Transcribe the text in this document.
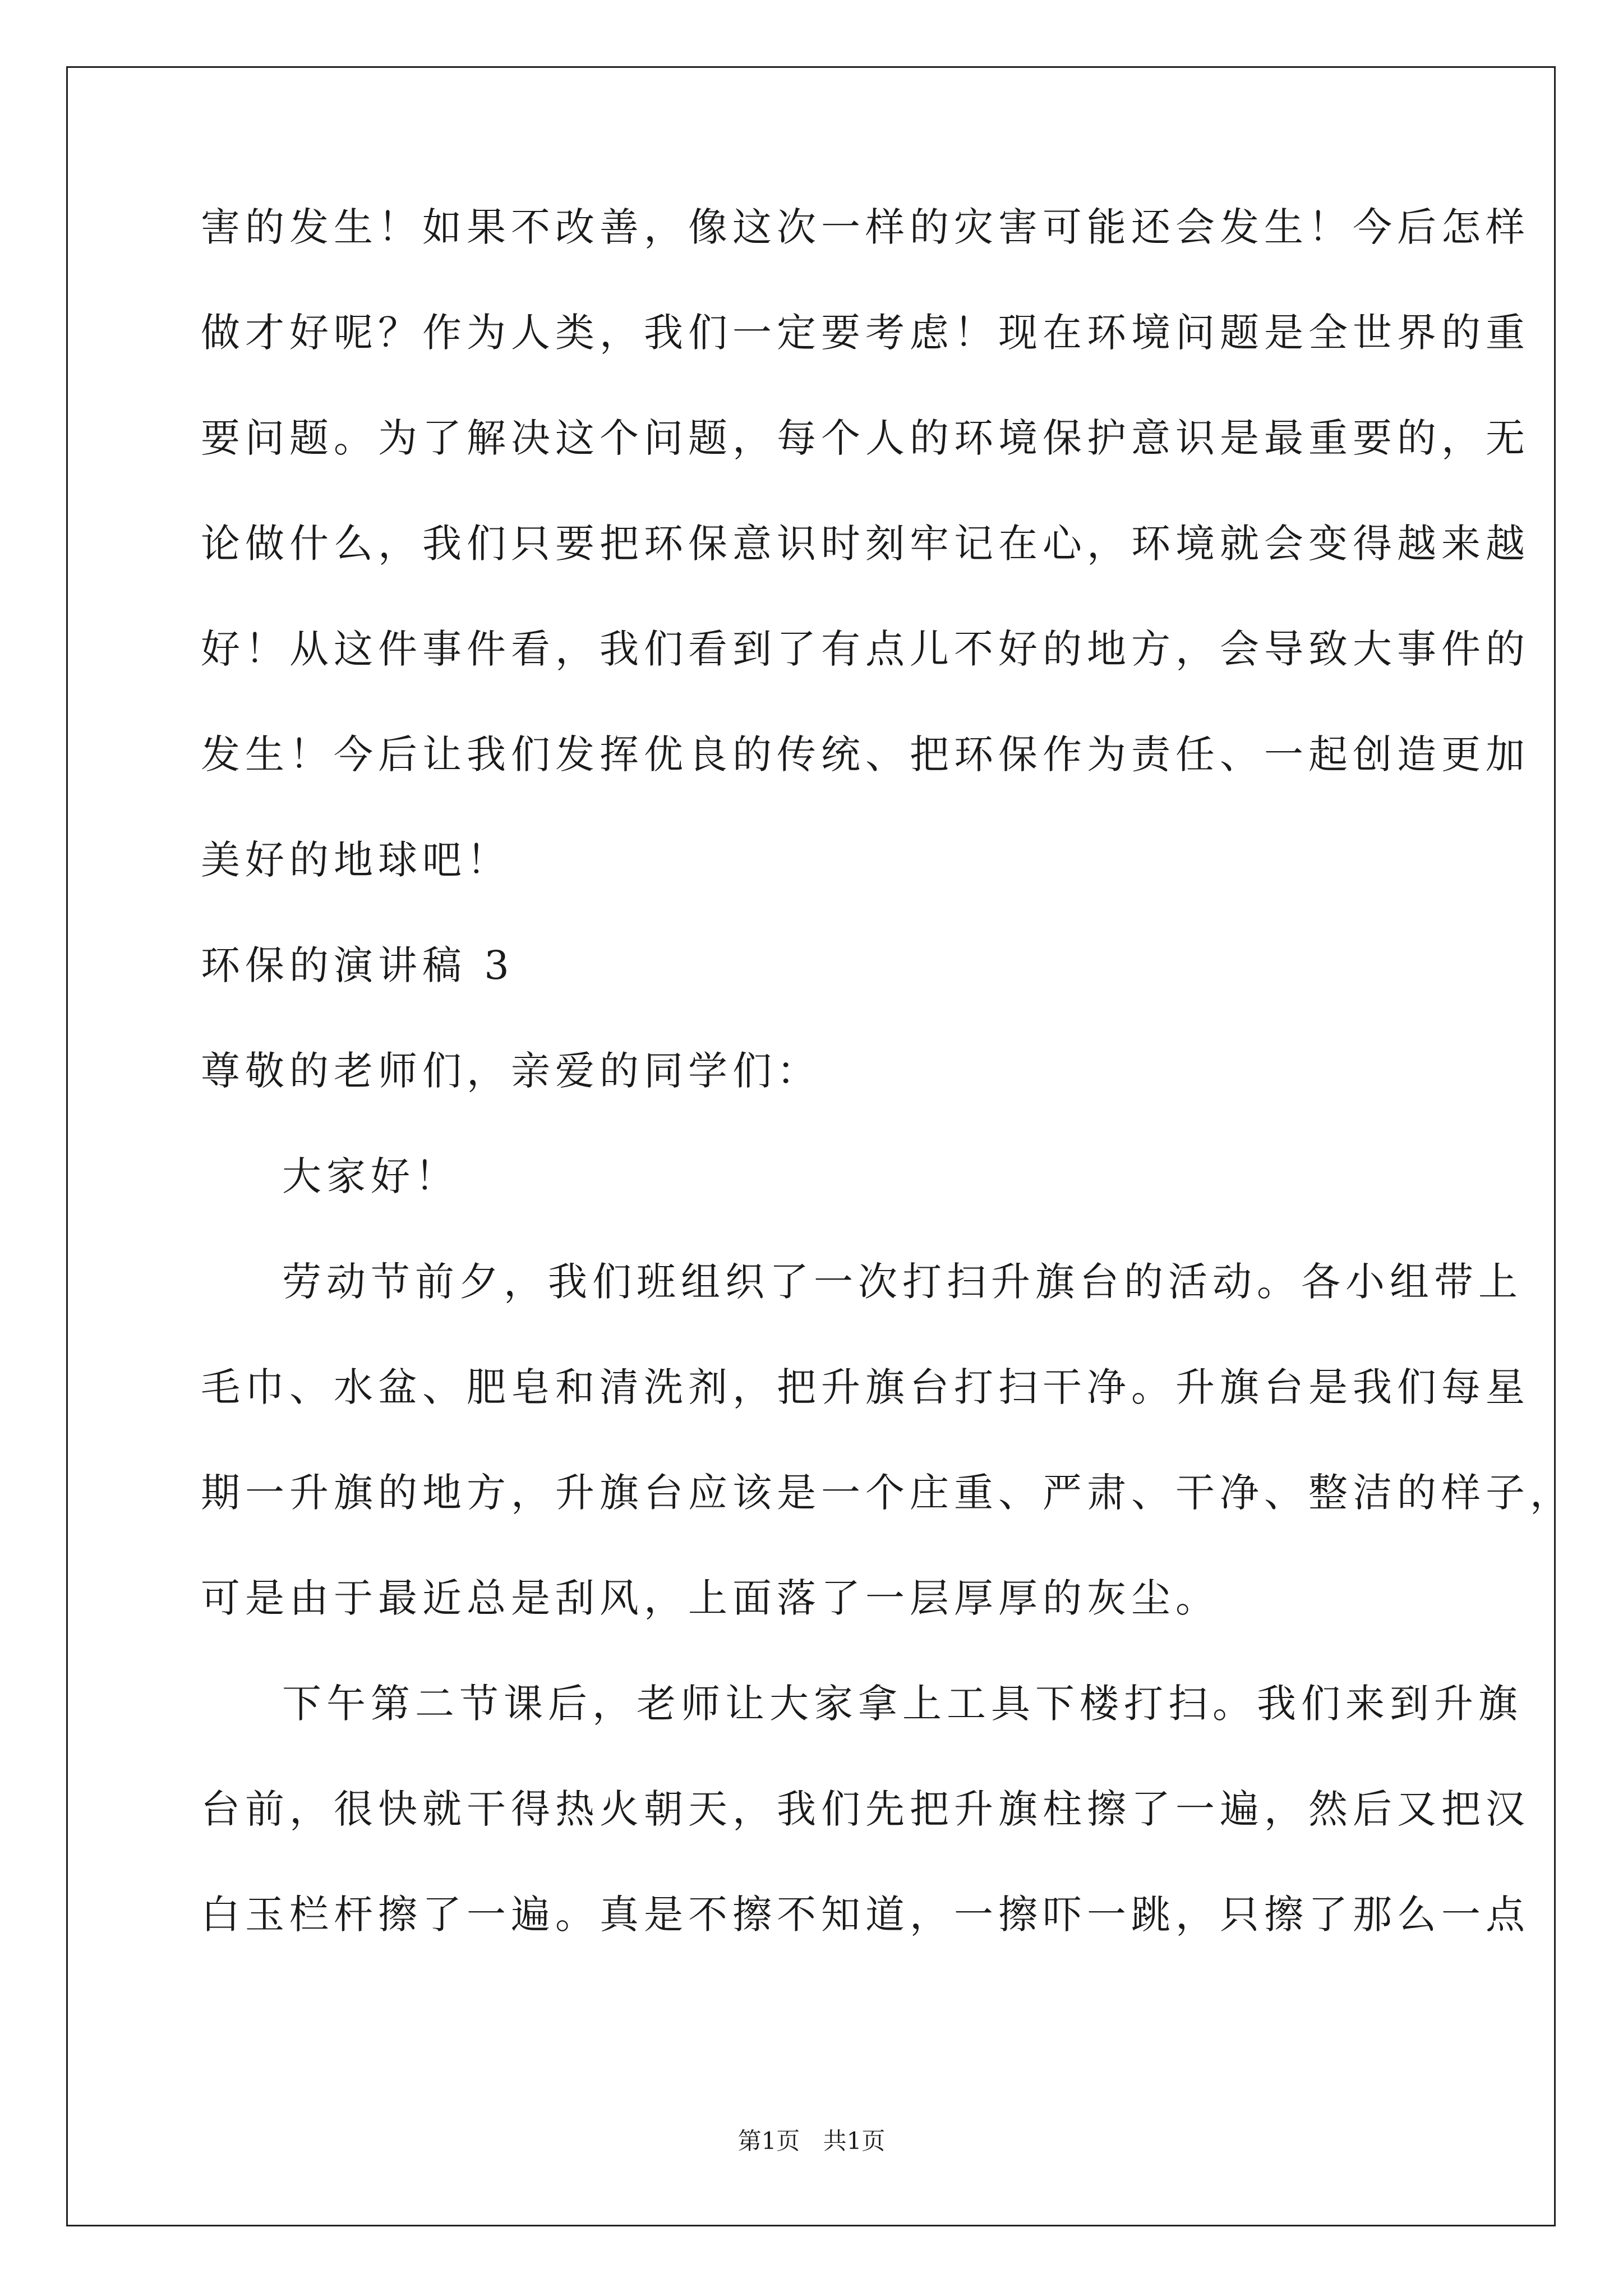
害的发生！如果不改善，像这次一样的灾害可能还会发生！今后怎样
做才好呢？作为人类，我们一定要考虑！现在环境问题是全世界的重
要问题。为了解决这个问题，每个人的环境保护意识是最重要的，无
论做什么，我们只要把环保意识时刻牢记在心，环境就会变得越来越
好！从这件事件看，我们看到了有点儿不好的地方，会导致大事件的
发生！今后让我们发挥优良的传统、把环保作为责任、一起创造更加
美好的地球吧！
环保的演讲稿 3
尊敬的老师们，亲爱的同学们：
大家好！
劳动节前夕，我们班组织了一次打扫升旗台的活动。各小组带上
毛巾、水盆、肥皂和清洗剂，把升旗台打扫干净。升旗台是我们每星
期一升旗的地方，升旗台应该是一个庄重、严肃、干净、整洁的样子，
可是由于最近总是刮风，上面落了一层厚厚的灰尘。
下午第二节课后，老师让大家拿上工具下楼打扫。我们来到升旗
台前，很快就干得热火朝天，我们先把升旗柱擦了一遍，然后又把汉
白玉栏杆擦了一遍。真是不擦不知道，一擦吓一跳，只擦了那么一点
第1页 共1页
